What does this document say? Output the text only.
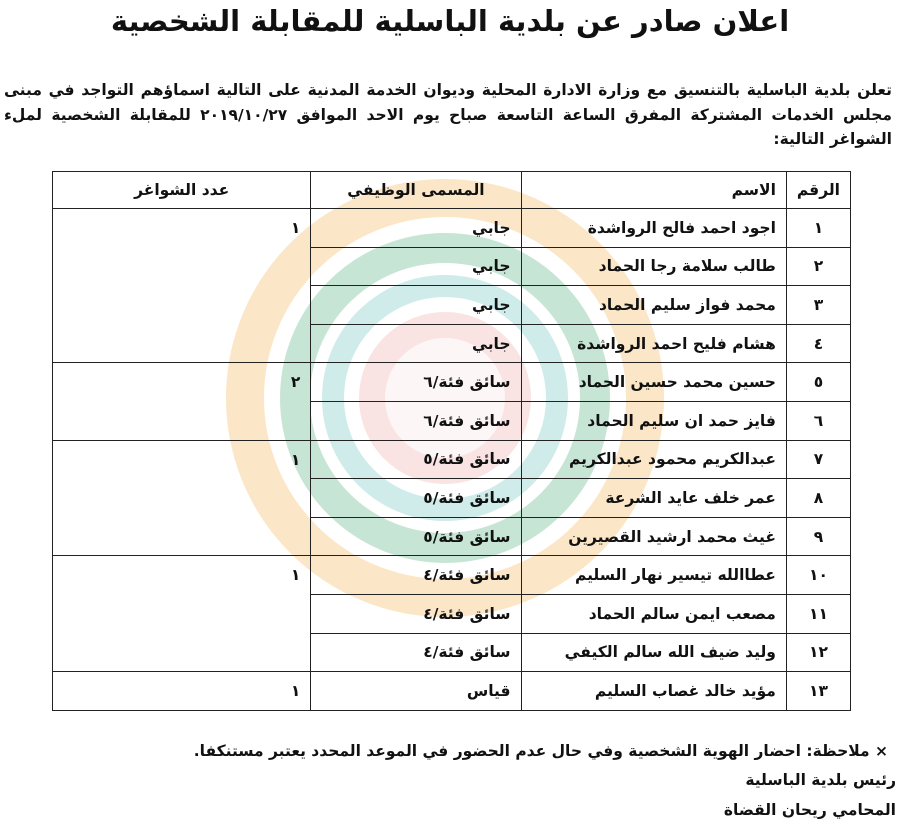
اعلان صادر عن بلدية الباسلية للمقابلة الشخصية

تعلن بلدية الباسلية بالتنسيق مع وزارة الادارة المحلية وديوان الخدمة المدنية على التالية اسماؤهم التواجد في مبنى مجلس الخدمات المشتركة المفرق الساعة التاسعة صباح يوم الاحد الموافق ٢٠١٩/١٠/٢٧ للمقابلة الشخصية لملء الشواغر التالية:

الرقم	الاسم	المسمى الوظيفي	عدد الشواغر
١	اجود احمد فالح الرواشدة	جابي	١
٢	طالب سلامة رجا الحماد	جابي	
٣	محمد فواز سليم الحماد	جابي	
٤	هشام فليح احمد الرواشدة	جابي	
٥	حسين محمد حسين الحماد	سائق فئة/٦	٢
٦	فايز حمد ان سليم الحماد	سائق فئة/٦	
٧	عبدالكريم محمود عبدالكريم	سائق فئة/٥	١
٨	عمر خلف عايد الشرعة	سائق فئة/٥	
٩	غيث محمد ارشيد القصيرين	سائق فئة/٥	
١٠	عطاالله تيسير نهار السليم	سائق فئة/٤	١
١١	مصعب ايمن سالم الحماد	سائق فئة/٤	
١٢	وليد ضيف الله سالم الكيفي	سائق فئة/٤	
١٣	مؤيد خالد غصاب السليم	قياس	١
× ملاحظة: احضار الهوية الشخصية وفي حال عدم الحضور في الموعد المحدد يعتبر مستنكفا.
رئيس بلدية الباسلية
المحامي ريحان القضاة
